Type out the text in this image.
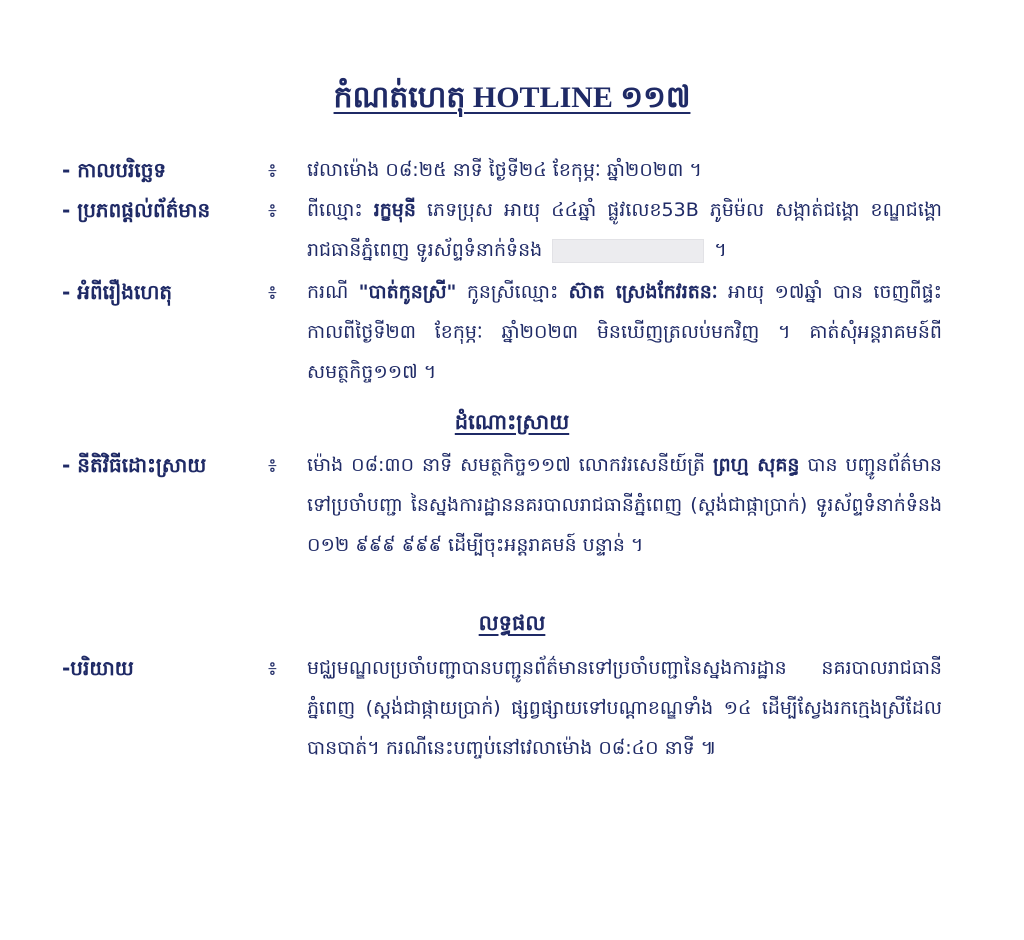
កំណត់ហេតុ HOTLINE ១១៧
- កាលបរិច្ឆេទ	៖	វេលាម៉ោង ០៨:២៥ នាទី ថ្ងៃទី២៤ ខែកុម្ភៈ ឆ្នាំ២០២៣ ។
- ប្រភពផ្តល់ព័ត៌មាន	៖	ពីឈ្មោះ រក្ខមុនី ភេទប្រុស អាយុ ៤៤ឆ្នាំ ផ្លូវលេខ53B ភូមិម៉ល សង្កាត់ជង្គោ ខណ្ឌជង្គោ រាជធានីភ្នំពេញ ទូរស័ព្ទទំនាក់ទំនង	។
- អំពីរឿងហេតុ	៖	ករណី "បាត់កូនស្រី" កូនស្រីឈ្មោះ ស៊ាត ស្រេងកែវរតនៈ អាយុ ១៧ឆ្នាំ បាន ចេញពីផ្ទះកាលពីថ្ងៃទី២៣ ខែកុម្ភៈ ឆ្នាំ២០២៣ មិនឃើញត្រលប់មកវិញ ។ គាត់សុំអន្តរាគមន៍ពីសមត្ថកិច្ច១១៧ ។
ដំណោះស្រាយ
- នីតិវិធីដោះស្រាយ	៖	ម៉ោង ០៨:៣០ នាទី សមត្ថកិច្ច១១៧ លោកវរសេនីយ៍ត្រី ព្រហ្ម សុគន្ធ បាន បញ្ជូនព័ត៌មានទៅប្រចាំបញ្ជា នៃស្នងការដ្ឋាននគរបាលរាជធានីភ្នំពេញ (ស្តង់ជាផ្កាប្រាក់) ទូរស័ព្ទទំនាក់ទំនង ០១២ ៩៩៩ ៩៩៩ ដើម្បីចុះអន្តរាគមន៍ បន្ទាន់ ។
លទ្ធផល
-បរិយាយ	៖	មជ្ឈមណ្ឌលប្រចាំបញ្ជាបានបញ្ជូនព័ត៌មានទៅប្រចាំបញ្ជានៃស្នងការដ្ឋាន នគរបាលរាជធានីភ្នំពេញ (ស្តង់ជាផ្កាយប្រាក់) ផ្សព្វផ្សាយទៅបណ្តាខណ្ឌទាំង ១៤ ដើម្បីស្វែងរកក្មេងស្រីដែលបានបាត់។ ករណីនេះបញ្ចប់នៅវេលាម៉ោង ០៨:៤០ នាទី ៕
